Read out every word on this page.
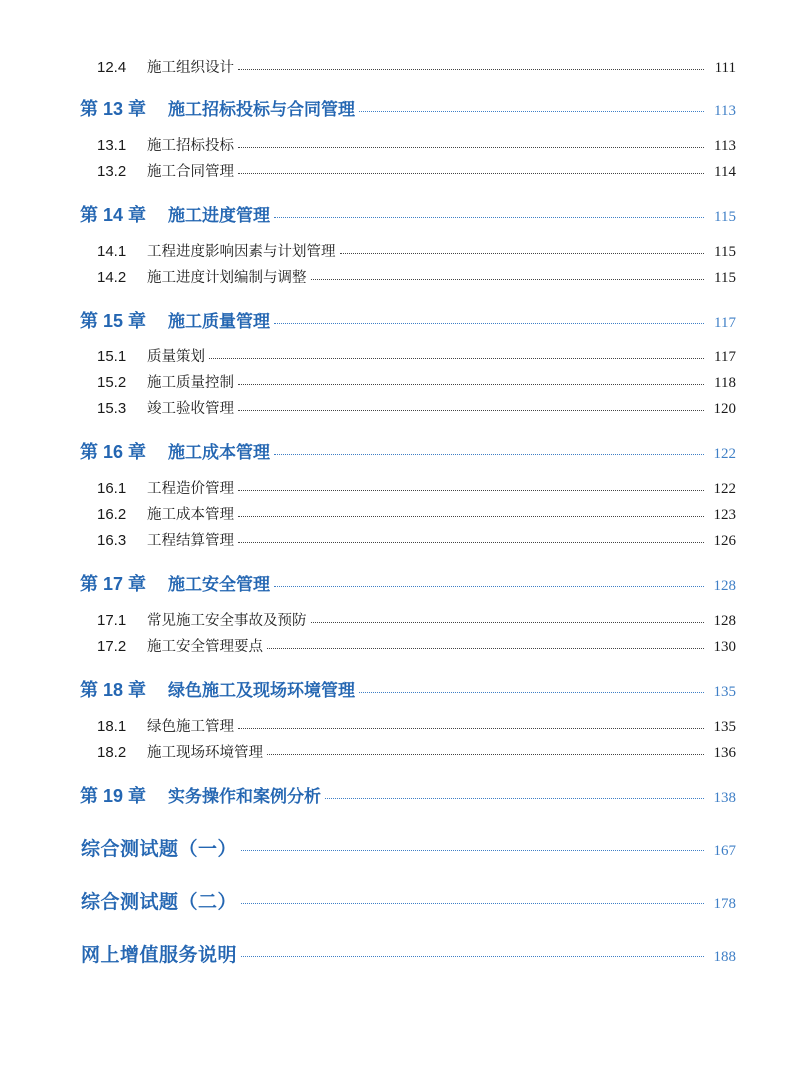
12.4	施工组织设计	111
第 13 章 施工招标投标与合同管理	113
13.1	施工招标投标	113
13.2	施工合同管理	114
第 14 章 施工进度管理	115
14.1	工程进度影响因素与计划管理	115
14.2	施工进度计划编制与调整	115
第 15 章 施工质量管理	117
15.1	质量策划	117
15.2	施工质量控制	118
15.3	竣工验收管理	120
第 16 章 施工成本管理	122
16.1	工程造价管理	122
16.2	施工成本管理	123
16.3	工程结算管理	126
第 17 章 施工安全管理	128
17.1	常见施工安全事故及预防	128
17.2	施工安全管理要点	130
第 18 章 绿色施工及现场环境管理	135
18.1	绿色施工管理	135
18.2	施工现场环境管理	136
第 19 章 实务操作和案例分析	138
综合测试题（一）	167
综合测试题（二）	178
网上增值服务说明	188
